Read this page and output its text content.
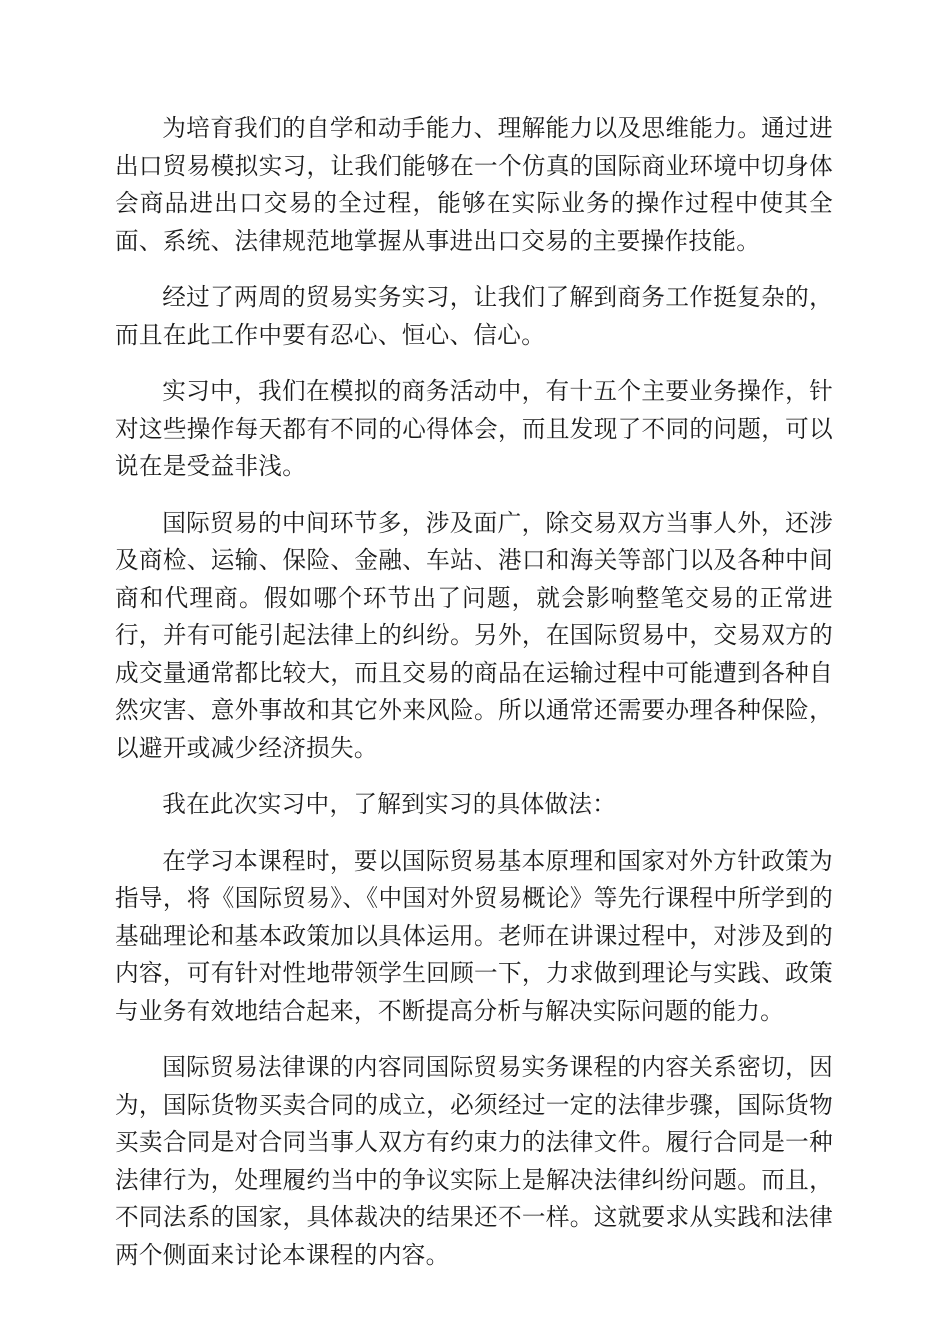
为培育我们的自学和动手能力、理解能力以及思维能力。通过进出口贸易模拟实习，让我们能够在一个仿真的国际商业环境中切身体会商品进出口交易的全过程，能够在实际业务的操作过程中使其全面、系统、法律规范地掌握从事进出口交易的主要操作技能。

经过了两周的贸易实务实习，让我们了解到商务工作挺复杂的，而且在此工作中要有忍心、恒心、信心。

实习中，我们在模拟的商务活动中，有十五个主要业务操作，针对这些操作每天都有不同的心得体会，而且发现了不同的问题，可以说在是受益非浅。

国际贸易的中间环节多，涉及面广，除交易双方当事人外，还涉及商检、运输、保险、金融、车站、港口和海关等部门以及各种中间商和代理商。假如哪个环节出了问题，就会影响整笔交易的正常进行，并有可能引起法律上的纠纷。另外，在国际贸易中，交易双方的成交量通常都比较大，而且交易的商品在运输过程中可能遭到各种自然灾害、意外事故和其它外来风险。所以通常还需要办理各种保险，以避开或减少经济损失。

我在此次实习中，了解到实习的具体做法：

在学习本课程时，要以国际贸易基本原理和国家对外方针政策为指导，将《国际贸易》、《中国对外贸易概论》等先行课程中所学到的基础理论和基本政策加以具体运用。老师在讲课过程中，对涉及到的内容，可有针对性地带领学生回顾一下，力求做到理论与实践、政策与业务有效地结合起来，不断提高分析与解决实际问题的能力。

国际贸易法律课的内容同国际贸易实务课程的内容关系密切，因为，国际货物买卖合同的成立，必须经过一定的法律步骤，国际货物买卖合同是对合同当事人双方有约束力的法律文件。履行合同是一种法律行为，处理履约当中的争议实际上是解决法律纠纷问题。而且，不同法系的国家，具体裁决的结果还不一样。这就要求从实践和法律两个侧面来讨论本课程的内容。
